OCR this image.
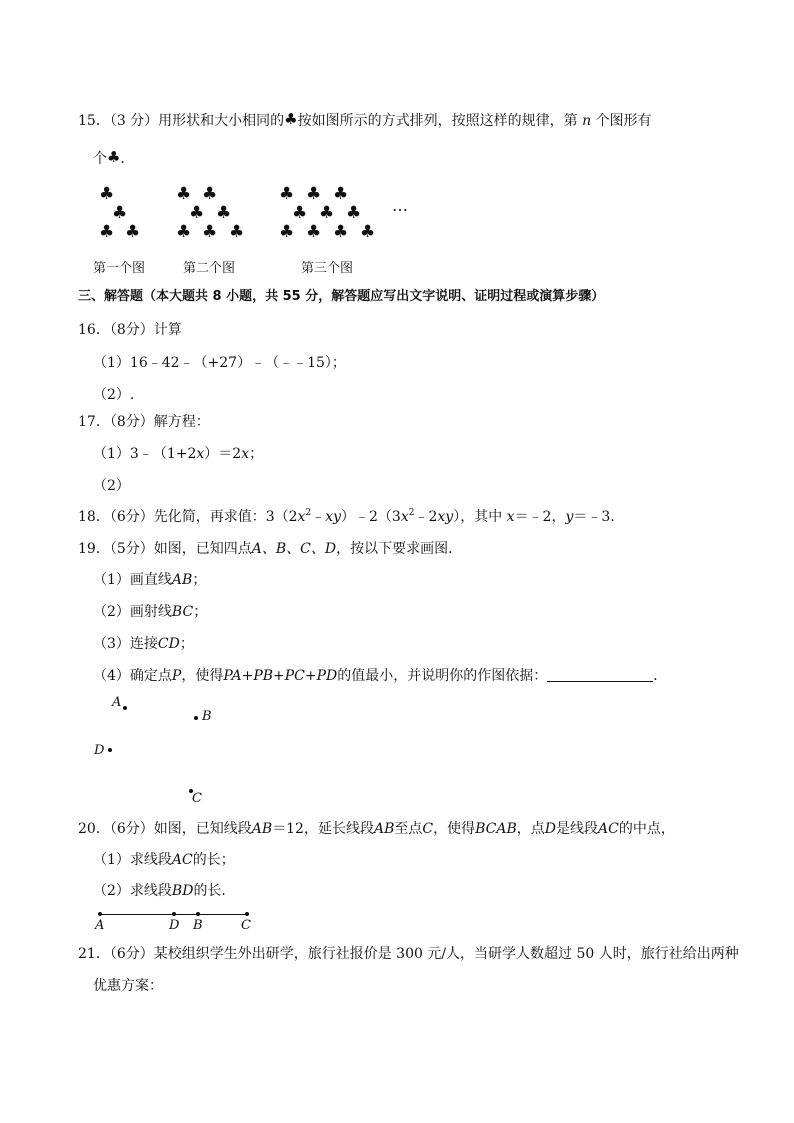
15．（3 分）用形状和大小相同的♣按如图所示的方式排列，按照这样的规律，第 n 个图形有
个♣．
♣
♣
♣ ♣
♣ ♣
♣ ♣
♣ ♣ ♣
♣ ♣ ♣
♣ ♣ ♣
♣ ♣ ♣ ♣
…
第一个图	第二个图	第三个图
三、解答题（本大题共 8 小题，共 55 分，解答题应写出文字说明、证明过程或演算步骤）
16．（8分）计算
（1）16﹣42﹣（+27）﹣（﹣﹣15）；
（2）.
17．（8分）解方程：
（1）3﹣（1+2x）＝2x；
（2）
18．（6分）先化简，再求值：$3(2x^2﹣xy)﹣2(3x^2﹣2xy)$，其中 x＝﹣2，y＝﹣3．
19．（5分）如图，已知四点A、B、C、D，按以下要求画图．
（1）画直线AB；
（2）画射线BC；
（3）连接CD；
（4）确定点P，使得PA+PB+PC+PD的值最小，并说明你的作图依据：	．
A
B
D
C
20．（6分）如图，已知线段AB＝12，延长线段AB至点C，使得BCAB，点D是线段AC的中点，
（1）求线段AC的长；
（2）求线段BD的长．
A	D B	C
21．（6分）某校组织学生外出研学，旅行社报价是 300 元/人，当研学人数超过 50 人时，旅行社给出两种
优惠方案：
